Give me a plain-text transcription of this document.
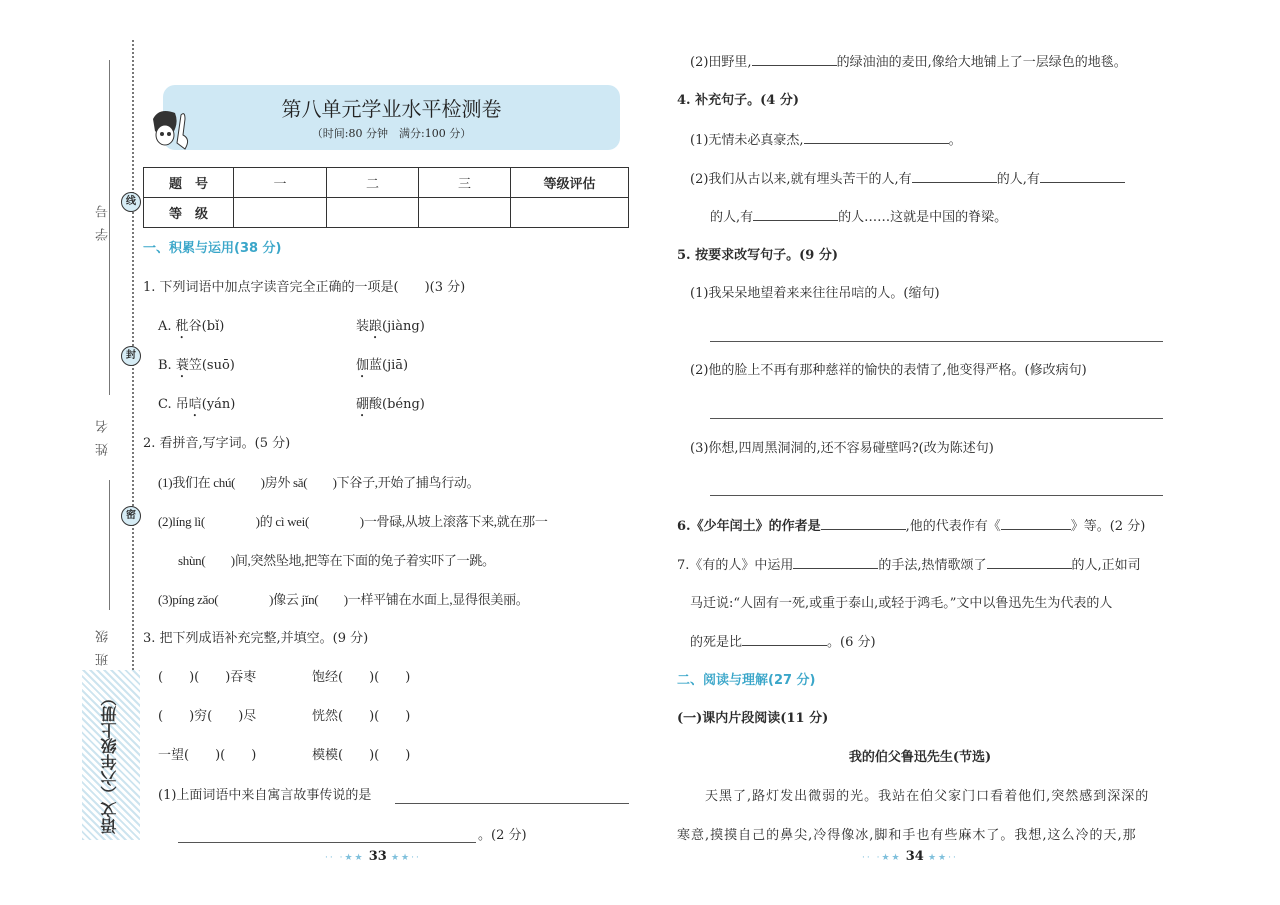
学号	线
姓名
封
班级
密
语文（六年级上册）
第八单元学业水平检测卷
（时间:80 分钟　满分:100 分）
题　号	一	二	三	等级评估
等　级				
一、积累与运用(38 分)
1. 下列词语中加点字读音完全正确的一项是(　　)(3 分)
A. 秕谷(bǐ)	装踉(jiàng)
B. 蓑笠(suō)	伽蓝(jiā)
C. 吊唁(yán)	硼酸(béng)
2. 看拼音,写字词。(5 分)
(1)我们在 chú(　　)房外 sǎ(　　)下谷子,开始了捕鸟行动。
(2)líng lì(　　　　)的 cì wei(　　　　)一骨碌,从坡上滚落下来,就在那一
shùn(　　)间,突然坠地,把等在下面的兔子着实吓了一跳。
(3)píng zǎo(　　　　)像云 jǐn(　　)一样平铺在水面上,显得很美丽。
3. 把下列成语补充完整,并填空。(9 分)
(　　)(　　)吞枣	饱经(　　)(　　)
(　　)穷(　　)尽	恍然(　　)(　　)
一望(　　)(　　)	模模(　　)(　　)
(1)上面词语中来自寓言故事传说的是
。(2 分)
·· ·★★ 33 ★★··
(2)田野里,	的绿油油的麦田,像给大地铺上了一层绿色的地毯。
4. 补充句子。(4 分)
(1)无情未必真豪杰,	。
(2)我们从古以来,就有埋头苦干的人,有	的人,有
的人,有	的人……这就是中国的脊梁。
5. 按要求改写句子。(9 分)
(1)我呆呆地望着来来往往吊唁的人。(缩句)
(2)他的脸上不再有那种慈祥的愉快的表情了,他变得严格。(修改病句)
(3)你想,四周黑洞洞的,还不容易碰壁吗?(改为陈述句)
6.《少年闰土》的作者是	,他的代表作有《	》等。(2 分)
7.《有的人》中运用	的手法,热情歌颂了	的人,正如司
马迁说:“人固有一死,或重于泰山,或轻于鸿毛。”文中以鲁迅先生为代表的人
的死是比	。(6 分)
二、阅读与理解(27 分)
(一)课内片段阅读(11 分)
我的伯父鲁迅先生(节选)
　　天黑了,路灯发出微弱的光。我站在伯父家门口看着他们,突然感到深深的
寒意,摸摸自己的鼻尖,冷得像冰,脚和手也有些麻木了。我想,这么冷的天,那
·· ·★★ 34 ★★··
